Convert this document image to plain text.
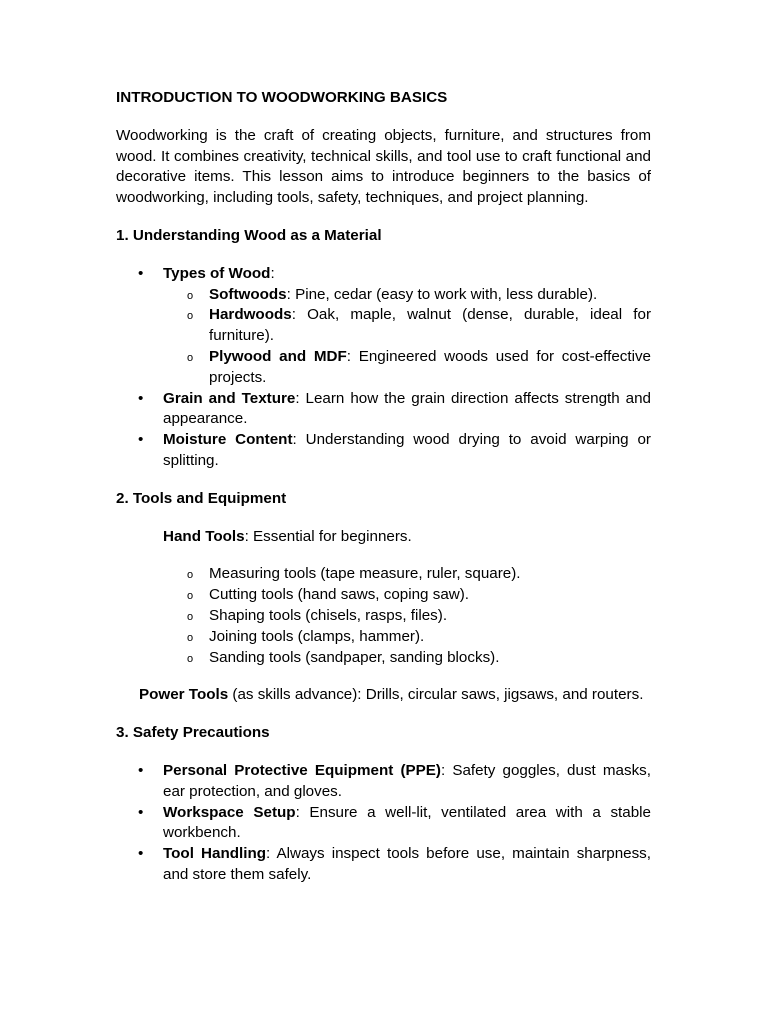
INTRODUCTION TO WOODWORKING BASICS
Woodworking is the craft of creating objects, furniture, and structures from wood. It combines creativity, technical skills, and tool use to craft functional and decorative items. This lesson aims to introduce beginners to the basics of woodworking, including tools, safety, techniques, and project planning.
1. Understanding Wood as a Material
• Types of Wood:
o Softwoods: Pine, cedar (easy to work with, less durable).
o Hardwoods: Oak, maple, walnut (dense, durable, ideal for furniture).
o Plywood and MDF: Engineered woods used for cost-effective projects.
• Grain and Texture: Learn how the grain direction affects strength and appearance.
• Moisture Content: Understanding wood drying to avoid warping or splitting.
2. Tools and Equipment
Hand Tools: Essential for beginners.
o Measuring tools (tape measure, ruler, square).
o Cutting tools (hand saws, coping saw).
o Shaping tools (chisels, rasps, files).
o Joining tools (clamps, hammer).
o Sanding tools (sandpaper, sanding blocks).
Power Tools (as skills advance): Drills, circular saws, jigsaws, and routers.
3. Safety Precautions
• Personal Protective Equipment (PPE): Safety goggles, dust masks, ear protection, and gloves.
• Workspace Setup: Ensure a well-lit, ventilated area with a stable workbench.
• Tool Handling: Always inspect tools before use, maintain sharpness, and store them safely.
